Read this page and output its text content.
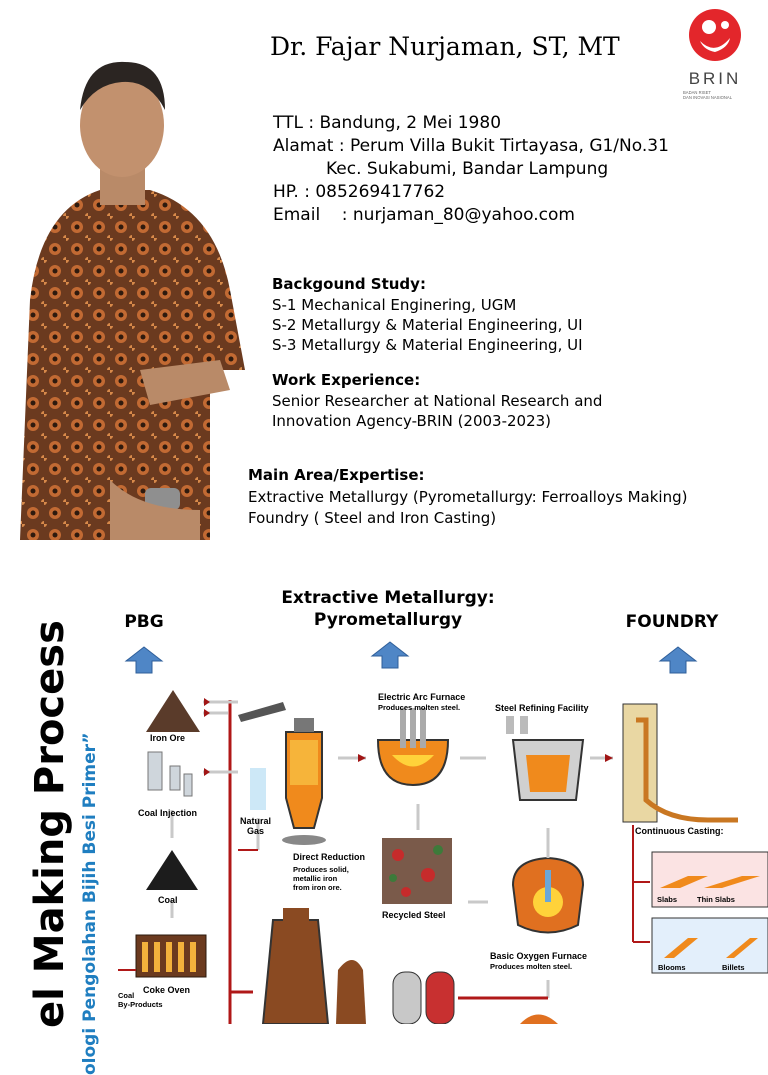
Dr. Fajar Nurjaman, ST, MT
BRIN
BADAN RISET
DAN INOVASI NASIONAL
TTL : Bandung, 2 Mei 1980
Alamat : Perum Villa Bukit Tirtayasa, G1/No.31
Kec. Sukabumi, Bandar Lampung
HP. : 085269417762
Email    : nurjaman_80@yahoo.com
Backgound Study:
S-1 Mechanical Enginering, UGM
S-2 Metallurgy & Material Engineering, UI
S-3 Metallurgy & Material Engineering, UI
Work Experience:
Senior Researcher at National Research and
Innovation Agency-BRIN (2003-2023)
Main Area/Expertise:
Extractive Metallurgy (Pyrometallurgy: Ferroalloys Making)
Foundry ( Steel and Iron Casting)
Extractive Metallurgy:
Pyrometallurgy
PBG	FOUNDRY
el Making Process ologi Pengolahan Bijih Besi Primer”	Iron Ore
Coal Injection
Natural
Gas
Coal
Coke Oven
Coal
By-Products
Direct Reduction
Produces solid,
metallic iron
from iron ore.
Electric Arc Furnace
Produces molten steel.	Steel Refining Facility
Recycled Steel
Basic Oxygen Furnace
Produces molten steel.
Continuous Casting:
Slabs	Thin Slabs
Blooms	Billets
